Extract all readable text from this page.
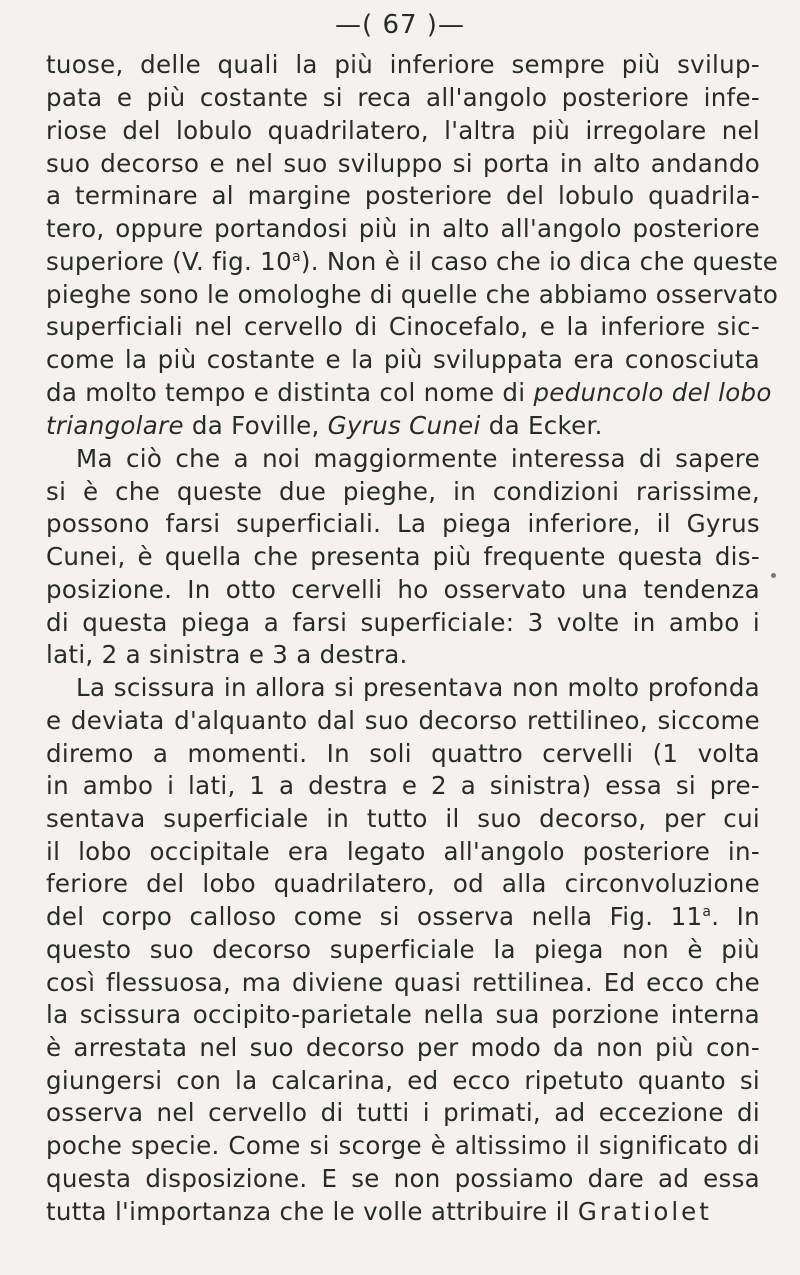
—( 67 )—
tuose, delle quali la più inferiore sempre più svilup-
pata e più costante si reca all'angolo posteriore infe-
riose del lobulo quadrilatero, l'altra più irregolare nel
suo decorso e nel suo sviluppo si porta in alto andando
a terminare al margine posteriore del lobulo quadrila-
tero, oppure portandosi più in alto all'angolo posteriore
superiore (V. fig. 10$^a$). Non è il caso che io dica che queste
pieghe sono le omologhe di quelle che abbiamo osservato
superficiali nel cervello di Cinocefalo, e la inferiore sic-
come la più costante e la più sviluppata era conosciuta
da molto tempo e distinta col nome di peduncolo del lobo
triangolare da Foville, Gyrus Cunei da Ecker.
Ma ciò che a noi maggiormente interessa di sapere
si è che queste due pieghe, in condizioni rarissime,
possono farsi superficiali. La piega inferiore, il Gyrus
Cunei, è quella che presenta più frequente questa dis-
posizione. In otto cervelli ho osservato una tendenza
di questa piega a farsi superficiale: 3 volte in ambo i
lati, 2 a sinistra e 3 a destra.
La scissura in allora si presentava non molto profonda
e deviata d'alquanto dal suo decorso rettilineo, siccome
diremo a momenti. In soli quattro cervelli (1 volta
in ambo i lati, 1 a destra e 2 a sinistra) essa si pre-
sentava superficiale in tutto il suo decorso, per cui
il lobo occipitale era legato all'angolo posteriore in-
feriore del lobo quadrilatero, od alla circonvoluzione
del corpo calloso come si osserva nella Fig. 11$^a$. In
questo suo decorso superficiale la piega non è più
così flessuosa, ma diviene quasi rettilinea. Ed ecco che
la scissura occipito-parietale nella sua porzione interna
è arrestata nel suo decorso per modo da non più con-
giungersi con la calcarina, ed ecco ripetuto quanto si
osserva nel cervello di tutti i primati, ad eccezione di
poche specie. Come si scorge è altissimo il significato di
questa disposizione. E se non possiamo dare ad essa
tutta l'importanza che le volle attribuire il Gratiolet
